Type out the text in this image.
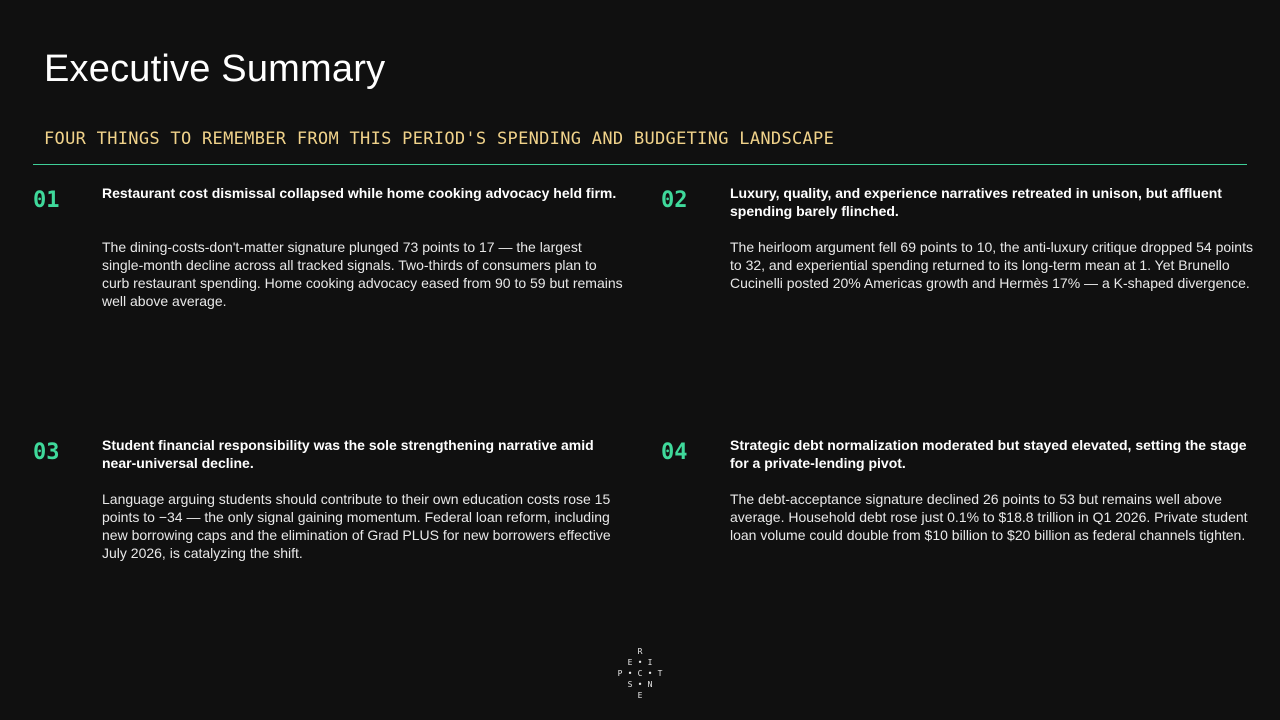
Executive Summary
FOUR THINGS TO REMEMBER FROM THIS PERIOD'S SPENDING AND BUDGETING LANDSCAPE
01	Restaurant cost dismissal collapsed while home cooking advocacy held firm.
The dining-costs-don't-matter signature plunged 73 points to 17 — the largest single-month decline across all tracked signals. Two-thirds of consumers plan to curb restaurant spending. Home cooking advocacy eased from 90 to 59 but remains well above average.
02	Luxury, quality, and experience narratives retreated in unison, but affluent spending barely flinched.
The heirloom argument fell 69 points to 10, the anti-luxury critique dropped 54 points to 32, and experiential spending returned to its long-term mean at 1. Yet Brunello Cucinelli posted 20% Americas growth and Hermès 17% — a K-shaped divergence.
03	Student financial responsibility was the sole strengthening narrative amid near-universal decline.
Language arguing students should contribute to their own education costs rose 15 points to −34 — the only signal gaining momentum. Federal loan reform, including new borrowing caps and the elimination of Grad PLUS for new borrowers effective July 2026, is catalyzing the shift.
04	Strategic debt normalization moderated but stayed elevated, setting the stage for a private-lending pivot.
The debt-acceptance signature declined 26 points to 53 but remains well above average. Household debt rose just 0.1% to $18.8 trillion in Q1 2026. Private student loan volume could double from $10 billion to $20 billion as federal channels tighten.
R
E • I
P • C • T
S • N
E
